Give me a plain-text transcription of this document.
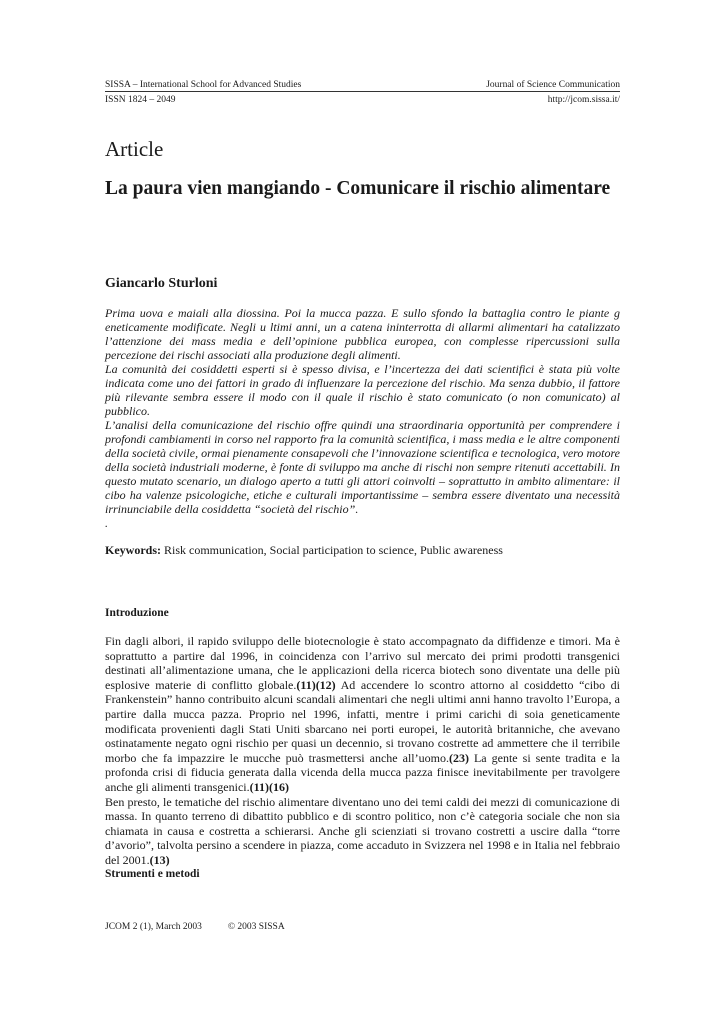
SISSA – International School for Advanced Studies	Journal of Science Communication
ISSN 1824 – 2049	http://jcom.sissa.it/
Article
La paura vien mangiando - Comunicare il rischio alimentare
Giancarlo Sturloni

Prima uova e maiali alla diossina. Poi la mucca pazza. E sullo sfondo la battaglia contro le piante g eneticamente modificate. Negli u ltimi anni, un a catena ininterrotta di allarmi alimentari ha catalizzato l’attenzione dei mass media e dell’opinione pubblica europea, con complesse ripercussioni sulla percezione dei rischi associati alla produzione degli alimenti.

La comunità dei cosiddetti esperti si è spesso divisa, e l’incertezza dei dati scientifici è stata più volte indicata come uno dei fattori in grado di influenzare la percezione del rischio. Ma senza dubbio, il fattore più rilevante sembra essere il modo con il quale il rischio è stato comunicato (o non comunicato) al pubblico.

L’analisi della comunicazione del rischio offre quindi una straordinaria opportunità per comprendere i profondi cambiamenti in corso nel rapporto fra la comunità scientifica, i mass media e le altre componenti della società civile, ormai pienamente consapevoli che l’innovazione scientifica e tecnologica, vero motore della società industriali moderne, è fonte di sviluppo ma anche di rischi non sempre ritenuti accettabili. In questo mutato scenario, un dialogo aperto a tutti gli attori coinvolti – soprattutto in ambito alimentare: il cibo ha valenze psicologiche, etiche e culturali importantissime – sembra essere diventato una necessità irrinunciabile della cosiddetta “società del rischio”.

.

Keywords: Risk communication, Social participation to science, Public awareness
Introduzione

Fin dagli albori, il rapido sviluppo delle biotecnologie è stato accompagnato da diffidenze e timori. Ma è soprattutto a partire dal 1996, in coincidenza con l’arrivo sul mercato dei primi prodotti transgenici destinati all’alimentazione umana, che le applicazioni della ricerca biotech sono diventate una delle più esplosive materie di conflitto globale.(11)(12) Ad accendere lo scontro attorno al cosiddetto “cibo di Frankenstein” hanno contribuito alcuni scandali alimentari che negli ultimi anni hanno travolto l’Europa, a partire dalla mucca pazza. Proprio nel 1996, infatti, mentre i primi carichi di soia geneticamente modificata provenienti dagli Stati Uniti sbarcano nei porti europei, le autorità britanniche, che avevano ostinatamente negato ogni rischio per quasi un decennio, si trovano costrette ad ammettere che il terribile morbo che fa impazzire le mucche può trasmettersi anche all’uomo.(23) La gente si sente tradita e la profonda crisi di fiducia generata dalla vicenda della mucca pazza finisce inevitabilmente per travolgere anche gli alimenti transgenici.(11)(16)

Ben presto, le tematiche del rischio alimentare diventano uno dei temi caldi dei mezzi di comunicazione di massa. In quanto terreno di dibattito pubblico e di scontro politico, non c’è categoria sociale che non sia chiamata in causa e costretta a schierarsi. Anche gli scienziati si trovano costretti a uscire dalla “torre d’avorio”, talvolta persino a scendere in piazza, come accaduto in Svizzera nel 1998 e in Italia nel febbraio del 2001.(13)

Strumenti e metodi
JCOM 2 (1), March 2003	© 2003 SISSA
